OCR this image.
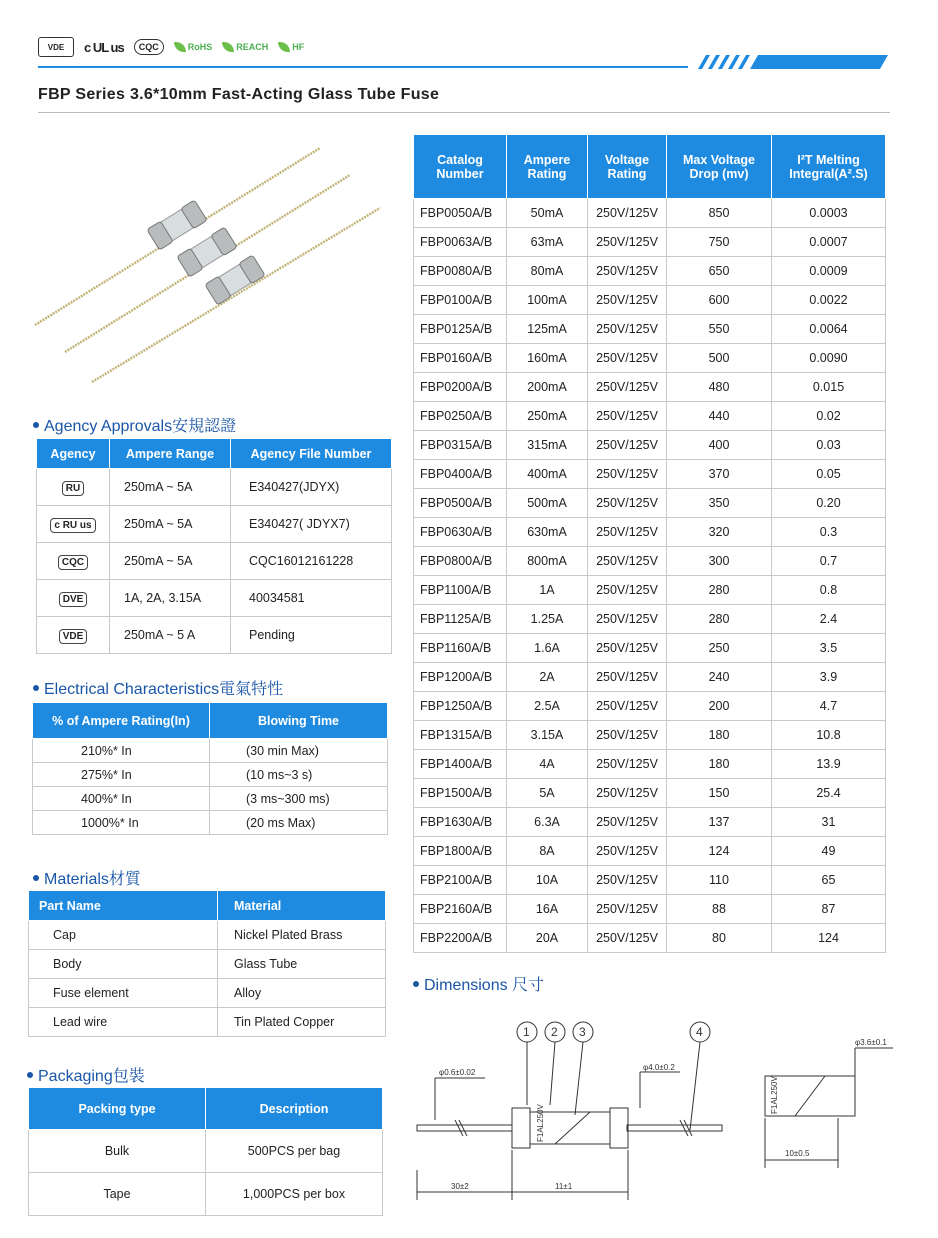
VDE	c UL us	CQC	RoHS	REACH	HF
FBP Series 3.6*10mm Fast-Acting Glass Tube Fuse
Catalog Number	Ampere Rating	Voltage Rating	Max Voltage Drop (mv)	I²T Melting Integral(A².S)
FBP0050A/B	50mA	250V/125V	850	0.0003
FBP0063A/B	63mA	250V/125V	750	0.0007
FBP0080A/B	80mA	250V/125V	650	0.0009
FBP0100A/B	100mA	250V/125V	600	0.0022
FBP0125A/B	125mA	250V/125V	550	0.0064
FBP0160A/B	160mA	250V/125V	500	0.0090
FBP0200A/B	200mA	250V/125V	480	0.015
FBP0250A/B	250mA	250V/125V	440	0.02
FBP0315A/B	315mA	250V/125V	400	0.03
FBP0400A/B	400mA	250V/125V	370	0.05
FBP0500A/B	500mA	250V/125V	350	0.20
FBP0630A/B	630mA	250V/125V	320	0.3
FBP0800A/B	800mA	250V/125V	300	0.7
FBP1100A/B	1A	250V/125V	280	0.8
FBP1125A/B	1.25A	250V/125V	280	2.4
FBP1160A/B	1.6A	250V/125V	250	3.5
FBP1200A/B	2A	250V/125V	240	3.9
FBP1250A/B	2.5A	250V/125V	200	4.7
FBP1315A/B	3.15A	250V/125V	180	10.8
FBP1400A/B	4A	250V/125V	180	13.9
FBP1500A/B	5A	250V/125V	150	25.4
FBP1630A/B	6.3A	250V/125V	137	31
FBP1800A/B	8A	250V/125V	124	49
FBP2100A/B	10A	250V/125V	110	65
FBP2160A/B	16A	250V/125V	88	87
FBP2200A/B	20A	250V/125V	80	124
Agency Approvals安規認證
Agency	Ampere Range	Agency File Number
RU	250mA ~ 5A	E340427(JDYX)
c RU us	250mA ~ 5A	E340427( JDYX7)
CQC	250mA ~ 5A	CQC16012161228
DVE	1A, 2A, 3.15A	40034581
VDE	250mA ~ 5 A	Pending
Electrical Characteristics電氣特性
% of Ampere Rating(In)	Blowing Time
210%* In	(30 min Max)
275%* In	(10 ms~3 s)
400%* In	(3 ms~300 ms)
1000%* In	(20 ms Max)
Materials材質
Part Name	Material
Cap	Nickel Plated Brass
Body	Glass Tube
Fuse element	Alloy
Lead wire	Tin Plated Copper
Packaging包裝
Packing type	Description
Bulk	500PCS per bag
Tape	1,000PCS per box
Dimensions 尺寸
1 2 3	4
φ0.6±0.02
φ4.0±0.2
30±2	11±1
10±0.5
φ3.6±0.1
F1AL250V
F1AL250V
